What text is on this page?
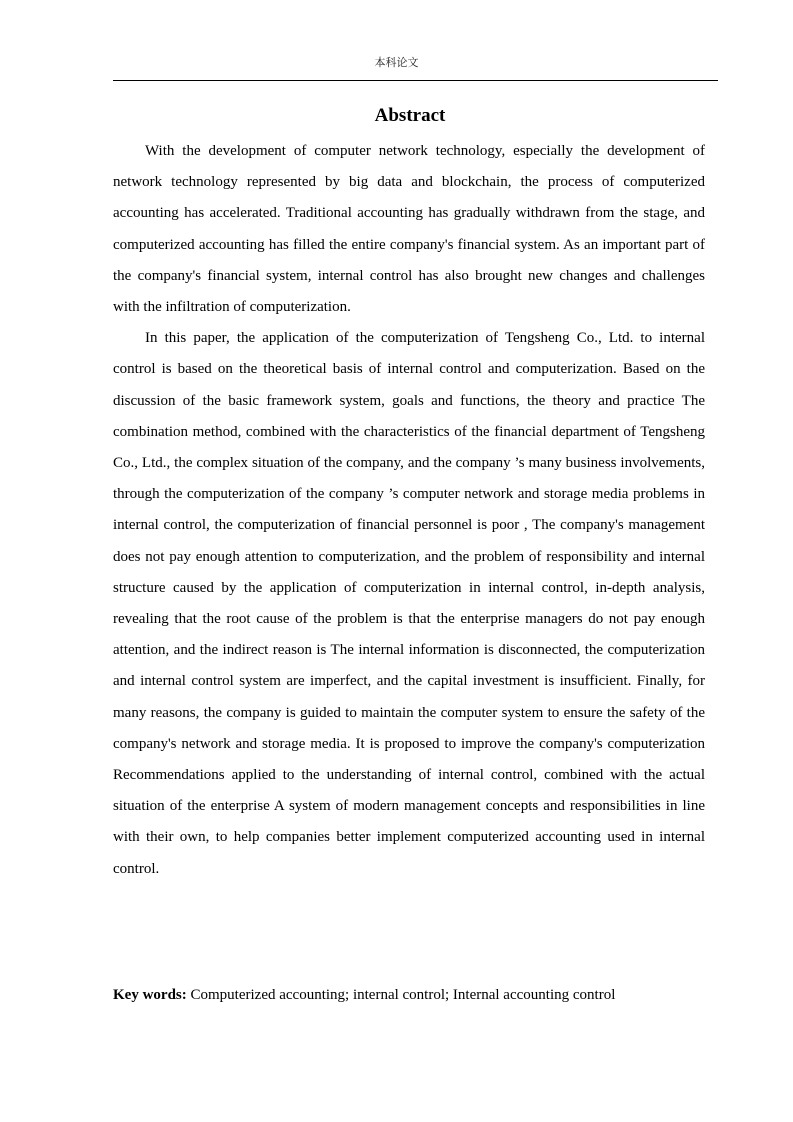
本科论文
Abstract

With the development of computer network technology, especially the development of network technology represented by big data and blockchain, the process of computerized accounting has accelerated. Traditional accounting has gradually withdrawn from the stage, and computerized accounting has filled the entire company's financial system. As an important part of the company's financial system, internal control has also brought new changes and challenges with the infiltration of computerization.

In this paper, the application of the computerization of Tengsheng Co., Ltd. to internal control is based on the theoretical basis of internal control and computerization. Based on the discussion of the basic framework system, goals and functions, the theory and practice The combination method, combined with the characteristics of the financial department of Tengsheng Co., Ltd., the complex situation of the company, and the company ’s many business involvements, through the computerization of the company ’s computer network and storage media problems in internal control, the computerization of financial personnel is poor , The company's management does not pay enough attention to computerization, and the problem of responsibility and internal structure caused by the application of computerization in internal control, in-depth analysis, revealing that the root cause of the problem is that the enterprise managers do not pay enough attention, and the indirect reason is The internal information is disconnected, the computerization and internal control system are imperfect, and the capital investment is insufficient. Finally, for many reasons, the company is guided to maintain the computer system to ensure the safety of the company's network and storage media. It is proposed to improve the company's computerization Recommendations applied to the understanding of internal control, combined with the actual situation of the enterprise A system of modern management concepts and responsibilities in line with their own, to help companies better implement computerized accounting used in internal control.

Key words: Computerized accounting; internal control; Internal accounting control
